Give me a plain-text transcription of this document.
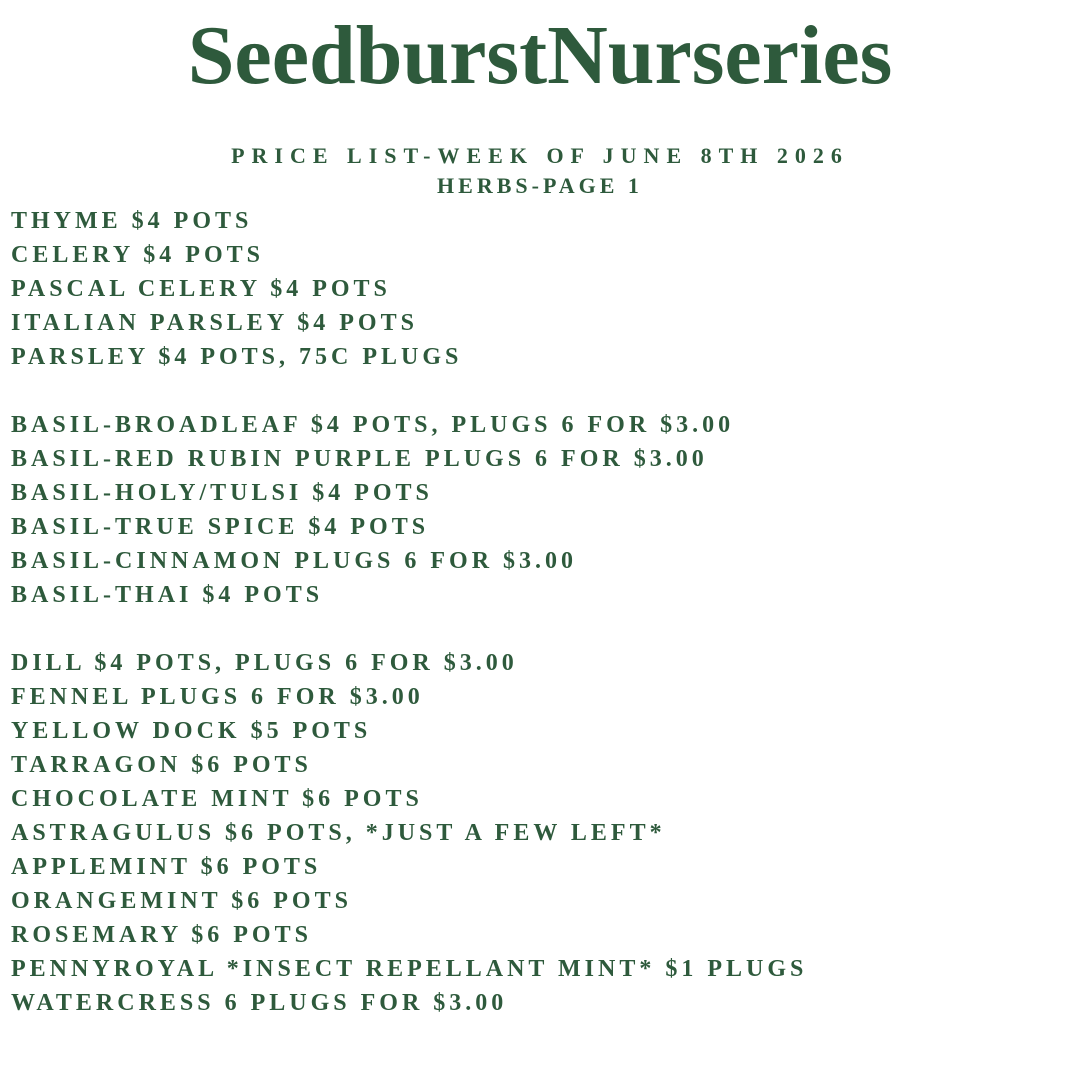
SeedburstNurseries
PRICE LIST-WEEK OF JUNE 8TH 2026
HERBS-PAGE 1
THYME $4 POTS
CELERY $4 POTS
PASCAL CELERY $4 POTS
ITALIAN PARSLEY $4 POTS
PARSLEY $4 POTS, 75C PLUGS
BASIL-BROADLEAF $4 POTS, PLUGS 6 FOR $3.00
BASIL-RED RUBIN PURPLE PLUGS 6 FOR $3.00
BASIL-HOLY/TULSI $4 POTS
BASIL-TRUE SPICE $4 POTS
BASIL-CINNAMON PLUGS 6 FOR $3.00
BASIL-THAI $4 POTS
DILL $4 POTS, PLUGS 6 FOR $3.00
FENNEL PLUGS 6 FOR $3.00
YELLOW DOCK $5 POTS
TARRAGON $6 POTS
CHOCOLATE MINT $6 POTS
ASTRAGULUS $6 POTS, *JUST A FEW LEFT*
APPLEMINT $6 POTS
ORANGEMINT $6 POTS
ROSEMARY $6 POTS
PENNYROYAL *INSECT REPELLANT MINT* $1 PLUGS
WATERCRESS 6 PLUGS FOR $3.00
